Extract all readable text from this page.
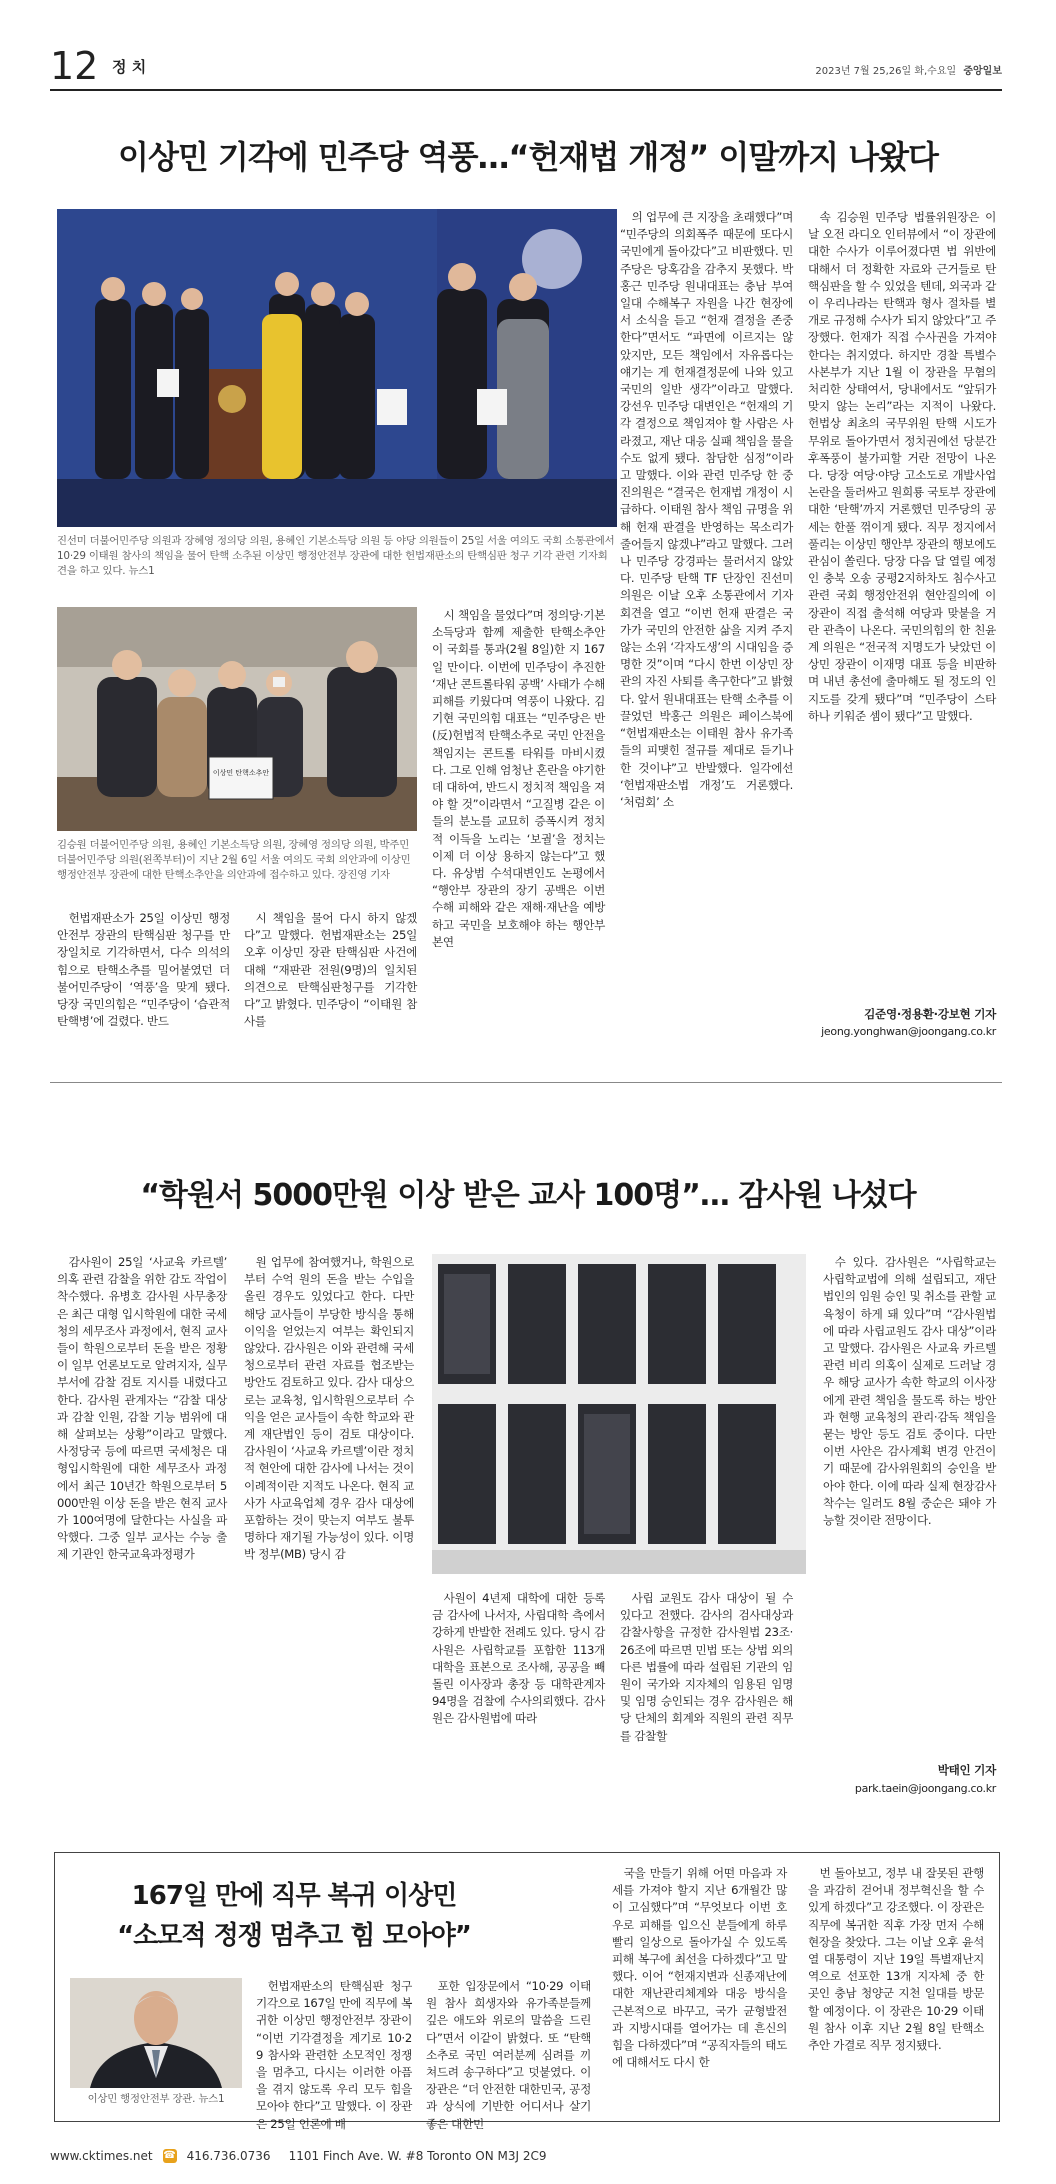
12 정 치	2023년 7월 25,26일 화,수요일 중앙일보
이상민 기각에 민주당 역풍…“헌재법 개정” 이말까지 나왔다
진선미 더불어민주당 의원과 장혜영 정의당 의원, 용혜인 기본소득당 의원 등 야당 의원들이 25일 서울 여의도 국회 소통관에서 10·29 이태원 참사의 책임을 물어 탄핵 소추된 이상민 행정안전부 장관에 대한 헌법재판소의 탄핵심판 청구 기각 관련 기자회견을 하고 있다. 뉴스1
이상민 탄핵소추안
김승원 더불어민주당 의원, 용혜인 기본소득당 의원, 장혜영 정의당 의원, 박주민 더불어민주당 의원(왼쪽부터)이 지난 2월 6일 서울 여의도 국회 의안과에 이상민 행정안전부 장관에 대한 탄핵소추안을 의안과에 접수하고 있다. 장진영 기자

헌법재판소가 25일 이상민 행정안전부 장관의 탄핵심판 청구를 만장일치로 기각하면서, 다수 의석의 힘으로 탄핵소추를 밀어붙였던 더불어민주당이 ‘역풍’을 맞게 됐다. 당장 국민의힘은 “민주당이 ‘습관적 탄핵병’에 걸렸다. 반드

시 책임을 물어 다시 하지 않겠다”고 말했다. 헌법재판소는 25일 오후 이상민 장관 탄핵심판 사건에 대해 “재판관 전원(9명)의 일치된 의견으로 탄핵심판청구를 기각한다”고 밝혔다. 민주당이 “이태원 참사를

시 책임을 물었다”며 정의당·기본소득당과 함께 제출한 탄핵소추안이 국회를 통과(2월 8일)한 지 167일 만이다. 이번에 민주당이 추진한 ‘재난 콘트롤타워 공백’ 사태가 수해 피해를 키웠다며 역풍이 나왔다. 김기현 국민의힘 대표는 “민주당은 반(反)헌법적 탄핵소추로 국민 안전을 책임지는 콘트롤 타워를 마비시켰다. 그로 인해 엄청난 혼란을 야기한 데 대하여, 반드시 정치적 책임을 져야 할 것”이라면서 “고질병 같은 이들의 분노를 교묘히 증폭시켜 정치적 이득을 노리는 ‘보궐’을 정치는 이제 더 이상 용하지 않는다”고 했다. 유상범 수석대변인도 논평에서 “행안부 장관의 장기 공백은 이번 수해 피해와 같은 재해·재난을 예방하고 국민을 보호해야 하는 행안부 본연

의 업무에 큰 지장을 초래했다”며 “민주당의 의회폭주 때문에 또다시 국민에게 돌아갔다”고 비판했다. 민주당은 당혹감을 감추지 못했다. 박홍근 민주당 원내대표는 충남 부여 일대 수해복구 자원을 나간 현장에서 소식을 듣고 “헌재 결정을 존중한다”면서도 “파면에 이르지는 않았지만, 모든 책임에서 자유롭다는 얘기는 게 헌재결정문에 나와 있고 국민의 일반 생각”이라고 말했다. 강선우 민주당 대변인은 “헌재의 기각 결정으로 책임져야 할 사람은 사라졌고, 재난 대응 실패 책임을 물을 수도 없게 됐다. 참담한 심정”이라고 말했다. 이와 관련 민주당 한 중진의원은 “결국은 헌재법 개정이 시급하다. 이태원 참사 책임 규명을 위해 헌재 판결을 반영하는 목소리가 줄어들지 않겠냐”라고 말했다. 그러나 민주당 강경파는 물러서지 않았다. 민주당 탄핵 TF 단장인 진선미 의원은 이날 오후 소통관에서 기자회견을 열고 “이번 헌재 판결은 국가가 국민의 안전한 삶을 지켜 주지 않는 소위 ‘각자도생’의 시대임을 증명한 것”이며 “다시 한번 이상민 장관의 자진 사퇴를 촉구한다”고 밝혔다. 앞서 원내대표는 탄핵 소추를 이끌었던 박홍근 의원은 페이스북에 “헌법재판소는 이태원 참사 유가족들의 피맺힌 절규를 제대로 듣기나 한 것이냐”고 반발했다. 일각에선 ‘헌법재판소법 개정’도 거론했다. ‘처럼회’ 소

속 김승원 민주당 법률위원장은 이날 오전 라디오 인터뷰에서 “이 장관에 대한 수사가 이루어졌다면 법 위반에 대해서 더 정확한 자료와 근거들로 탄핵심판을 할 수 있었을 텐데, 외국과 같이 우리나라는 탄핵과 형사 절차를 별개로 규정해 수사가 되지 않았다”고 주장했다. 헌재가 직접 수사권을 가져야 한다는 취지였다. 하지만 경찰 특별수사본부가 지난 1월 이 장관을 무혐의 처리한 상태여서, 당내에서도 “앞뒤가 맞지 않는 논리”라는 지적이 나왔다. 헌법상 최초의 국무위원 탄핵 시도가 무위로 돌아가면서 정치권에선 당분간 후폭풍이 불가피할 거란 전망이 나온다. 당장 여당·야당 고소도로 개발사업 논란을 둘러싸고 원희룡 국토부 장관에 대한 ‘탄핵’까지 거론했던 민주당의 공세는 한풀 꺾이게 됐다. 직무 정지에서 풀리는 이상민 행안부 장관의 행보에도 관심이 쏠린다. 당장 다음 달 열릴 예정인 충북 오송 궁평2지하차도 침수사고 관련 국회 행정안전위 현안질의에 이 장관이 직접 출석해 여당과 맞붙을 거란 관측이 나온다. 국민의힘의 한 친윤계 의원은 “전국적 지명도가 낮았던 이상민 장관이 이재명 대표 등을 비판하며 내년 총선에 출마해도 될 정도의 인지도를 갖게 됐다”며 “민주당이 스타하나 키워준 셈이 됐다”고 말했다.

김준영·정용환·강보현 기자
jeong.yonghwan@joongang.co.kr
“학원서 5000만원 이상 받은 교사 100명”… 감사원 나섰다

감사원이 25일 ‘사교육 카르텔’ 의혹 관련 감찰을 위한 감도 작업이 착수했다. 유병호 감사원 사무총장은 최근 대형 입시학원에 대한 국세청의 세무조사 과정에서, 현직 교사들이 학원으로부터 돈을 받은 정황이 일부 언론보도로 알려지자, 실무 부서에 감찰 검토 지시를 내렸다고 한다. 감사원 관계자는 “감찰 대상과 감찰 인원, 감찰 기능 범위에 대해 살펴보는 상황”이라고 말했다. 사정당국 등에 따르면 국세청은 대형입시학원에 대한 세무조사 과정에서 최근 10년간 학원으로부터 5000만원 이상 돈을 받은 현직 교사가 100여명에 달한다는 사실을 파악했다. 그중 일부 교사는 수능 출제 기관인 한국교육과정평가

원 업무에 참여했거나, 학원으로부터 수억 원의 돈을 받는 수입을 올린 경우도 있었다고 한다. 다만 해당 교사들이 부당한 방식을 통해 이익을 얻었는지 여부는 확인되지 않았다. 감사원은 이와 관련해 국세청으로부터 관련 자료를 협조받는 방안도 검토하고 있다. 감사 대상으로는 교육청, 입시학원으로부터 수익을 얻은 교사들이 속한 학교와 관계 재단법인 등이 검토 대상이다. 감사원이 ‘사교육 카르텔’이란 정치적 현안에 대한 감사에 나서는 것이 이례적이란 지적도 나온다. 현직 교사가 사교육업체 경우 감사 대상에 포함하는 것이 맞는지 여부도 불투명하다 재기될 가능성이 있다. 이명박 정부(MB) 당시 감

사원이 4년제 대학에 대한 등록금 감사에 나서자, 사립대학 측에서 강하게 반발한 전례도 있다. 당시 감사원은 사립학교를 포함한 113개 대학을 표본으로 조사해, 공공을 빼돌린 이사장과 총장 등 대학관계자 94명을 검찰에 수사의뢰했다. 감사원은 감사원법에 따라

사립 교원도 감사 대상이 될 수 있다고 전했다. 감사의 검사대상과 감찰사항을 규정한 감사원법 23조·26조에 따르면 민법 또는 상법 외의 다른 법률에 따라 설립된 기관의 임원이 국가와 지자체의 임용된 임명 및 임명 승인되는 경우 감사원은 해당 단체의 회계와 직원의 관련 직무를 감찰할

수 있다. 감사원은 “사립학교는 사립학교법에 의해 설립되고, 재단법인의 임원 승인 및 취소를 관할 교육청이 하게 돼 있다”며 “감사원법에 따라 사립교원도 감사 대상”이라고 말했다. 감사원은 사교육 카르텔 관련 비리 의혹이 실제로 드러날 경우 해당 교사가 속한 학교의 이사장에게 관련 책임을 물도록 하는 방안과 현행 교육청의 관리·감독 책임을 묻는 방안 등도 검토 중이다. 다만 이번 사안은 감사계획 변경 안건이기 때문에 감사위원회의 승인을 받아야 한다. 이에 따라 실제 현장감사 착수는 일러도 8월 중순은 돼야 가능할 것이란 전망이다.

박태인 기자
park.taein@joongang.co.kr
167일 만에 직무 복귀 이상민
“소모적 정쟁 멈추고 힘 모아야”
이상민 행정안전부 장관. 뉴스1

헌법재판소의 탄핵심판 청구 기각으로 167일 만에 직무에 복귀한 이상민 행정안전부 장관이 “이번 기각결정을 계기로 10·29 참사와 관련한 소모적인 정쟁을 멈추고, 다시는 이러한 아픔을 겪지 않도록 우리 모두 힘을 모아야 한다”고 말했다. 이 장관은 25일 언론에 배

포한 입장문에서 “10·29 이태원 참사 희생자와 유가족분들께 깊은 애도와 위로의 말씀을 드린다”면서 이같이 밝혔다. 또 “탄핵소추로 국민 여러분께 심려를 끼쳐드려 송구하다”고 덧붙였다. 이 장관은 “더 안전한 대한민국, 공정과 상식에 기반한 어디서나 살기 좋은 대한민

국을 만들기 위해 어떤 마음과 자세를 가져야 할지 지난 6개월간 많이 고심했다”며 “무엇보다 이번 호우로 피해를 입으신 분들에게 하루빨리 일상으로 돌아가실 수 있도록 피해 복구에 최선을 다하겠다”고 말했다. 이어 “헌재지변과 신종재난에 대한 재난관리체계와 대응 방식을 근본적으로 바꾸고, 국가 균형발전과 지방시대를 열어가는 데 흔신의 힘을 다하겠다”며 “공직자들의 태도에 대해서도 다시 한

번 돌아보고, 정부 내 잘못된 관행을 과감히 걷어내 정부혁신을 할 수 있게 하겠다”고 강조했다. 이 장관은 직무에 복귀한 직후 가장 먼저 수해 현장을 찾았다. 그는 이날 오후 윤석열 대통령이 지난 19일 특별재난지역으로 선포한 13개 지자체 중 한 곳인 충남 청양군 지천 일대를 방문할 예정이다. 이 장관은 10·29 이태원 참사 이후 지난 2월 8일 탄핵소추안 가결로 직무 정지됐다.

www.cktimes.net ☎ 416.736.0736 1101 Finch Ave. W. #8 Toronto ON M3J 2C9
